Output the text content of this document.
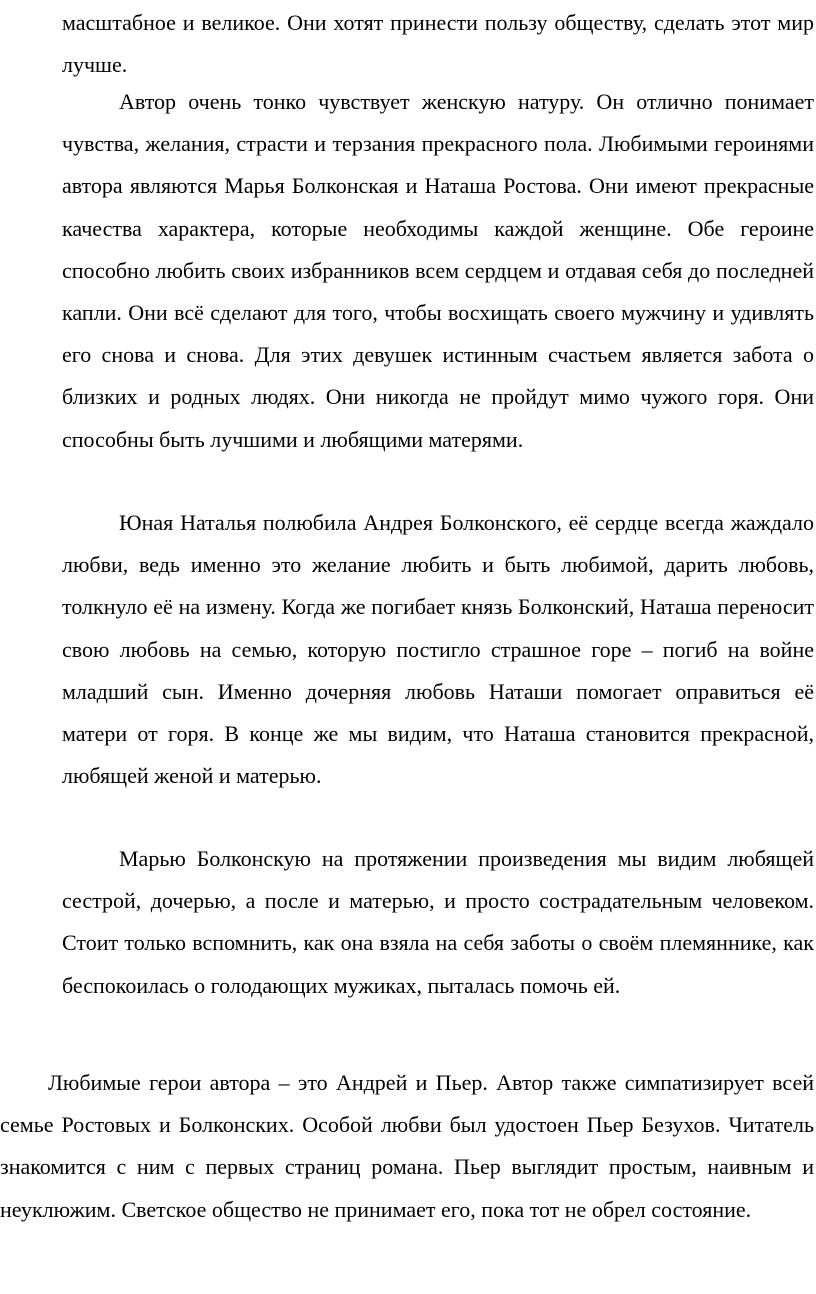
масштабное и великое. Они хотят принести пользу обществу, сделать этот мир лучше.

Автор очень тонко чувствует женскую натуру. Он отлично понимает чувства, желания, страсти и терзания прекрасного пола. Любимыми героинями автора являются Марья Болконская и Наташа Ростова. Они имеют прекрасные качества характера, которые необходимы каждой женщине. Обе героине способно любить своих избранников всем сердцем и отдавая себя до последней капли. Они всё сделают для того, чтобы восхищать своего мужчину и удивлять его снова и снова. Для этих девушек истинным счастьем является забота о близких и родных людях. Они никогда не пройдут мимо чужого горя. Они способны быть лучшими и любящими матерями.

Юная Наталья полюбила Андрея Болконского, её сердце всегда жаждало любви, ведь именно это желание любить и быть любимой, дарить любовь, толкнуло её на измену. Когда же погибает князь Болконский, Наташа переносит свою любовь на семью, которую постигло страшное горе – погиб на войне младший сын. Именно дочерняя любовь Наташи помогает оправиться её матери от горя. В конце же мы видим, что Наташа становится прекрасной, любящей женой и матерью.

Марью Болконскую на протяжении произведения мы видим любящей сестрой, дочерью, а после и матерью, и просто сострадательным человеком. Стоит только вспомнить, как она взяла на себя заботы о своём племяннике, как беспокоилась о голодающих мужиках, пыталась помочь ей.

Любимые герои автора – это Андрей и Пьер. Автор также симпатизирует всей семье Ростовых и Болконских. Особой любви был удостоен Пьер Безухов. Читатель знакомится с ним с первых страниц романа. Пьер выглядит простым, наивным и неуклюжим. Светское общество не принимает его, пока тот не обрел состояние.
